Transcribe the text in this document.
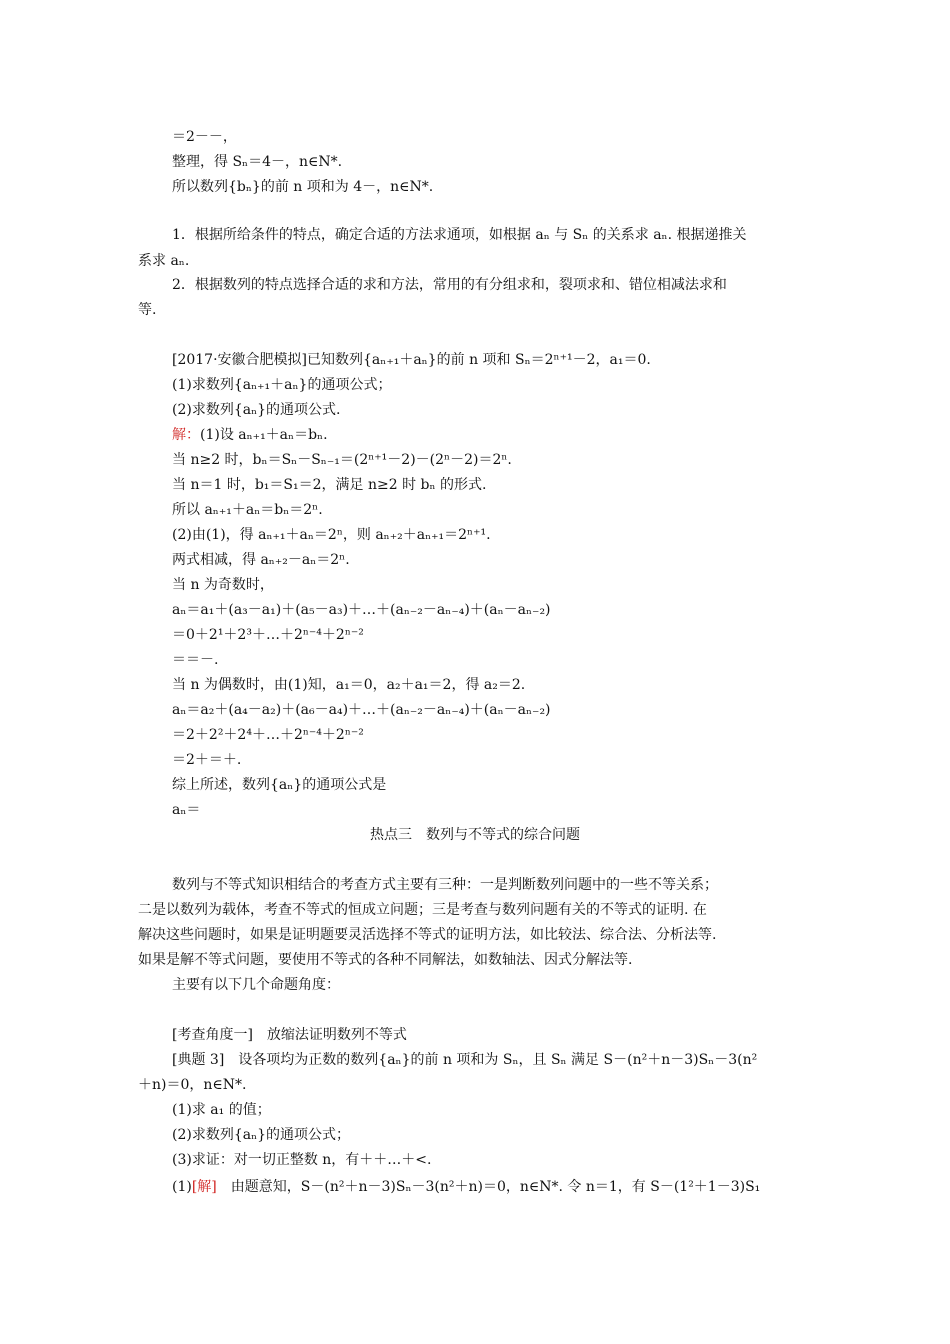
＝2－－，
整理，得 Sₙ＝4－，n∈N*.
所以数列{bₙ}的前 n 项和为 4－，n∈N*.
1．根据所给条件的特点，确定合适的方法求通项，如根据 aₙ 与 Sₙ 的关系求 aₙ. 根据递推关
系求 aₙ.
2．根据数列的特点选择合适的求和方法，常用的有分组求和，裂项求和、错位相减法求和
等.
[2017·安徽合肥模拟]已知数列{aₙ₊₁＋aₙ}的前 n 项和 Sₙ＝2ⁿ⁺¹－2，a₁＝0.
(1)求数列{aₙ₊₁＋aₙ}的通项公式；
(2)求数列{aₙ}的通项公式.
解：(1)设 aₙ₊₁＋aₙ＝bₙ.
当 n≥2 时，bₙ＝Sₙ－Sₙ₋₁＝(2ⁿ⁺¹－2)－(2ⁿ－2)＝2ⁿ.
当 n＝1 时，b₁＝S₁＝2，满足 n≥2 时 bₙ 的形式.
所以 aₙ₊₁＋aₙ＝bₙ＝2ⁿ.
(2)由(1)，得 aₙ₊₁＋aₙ＝2ⁿ，则 aₙ₊₂＋aₙ₊₁＝2ⁿ⁺¹.
两式相减，得 aₙ₊₂－aₙ＝2ⁿ.
当 n 为奇数时，
aₙ＝a₁＋(a₃－a₁)＋(a₅－a₃)＋…＋(aₙ₋₂－aₙ₋₄)＋(aₙ－aₙ₋₂)
＝0＋2¹＋2³＋…＋2ⁿ⁻⁴＋2ⁿ⁻²
＝＝－.
当 n 为偶数时，由(1)知，a₁＝0，a₂＋a₁＝2，得 a₂＝2.
aₙ＝a₂＋(a₄－a₂)＋(a₆－a₄)＋…＋(aₙ₋₂－aₙ₋₄)＋(aₙ－aₙ₋₂)
＝2＋2²＋2⁴＋…＋2ⁿ⁻⁴＋2ⁿ⁻²
＝2＋＝＋.
综上所述，数列{aₙ}的通项公式是
aₙ＝
热点三　数列与不等式的综合问题
数列与不等式知识相结合的考查方式主要有三种：一是判断数列问题中的一些不等关系；
二是以数列为载体，考查不等式的恒成立问题；三是考查与数列问题有关的不等式的证明. 在
解决这些问题时，如果是证明题要灵活选择不等式的证明方法，如比较法、综合法、分析法等.
如果是解不等式问题，要使用不等式的各种不同解法，如数轴法、因式分解法等.
主要有以下几个命题角度：
[考查角度一]　放缩法证明数列不等式
[典题 3]　设各项均为正数的数列{aₙ}的前 n 项和为 Sₙ，且 Sₙ 满足 S－(n²＋n－3)Sₙ－3(n²
＋n)＝0，n∈N*.
(1)求 a₁ 的值；
(2)求数列{aₙ}的通项公式；
(3)求证：对一切正整数 n，有＋＋…＋<.
(1)[解]　 由题意知，S－(n²＋n－3)Sₙ－3(n²＋n)＝0，n∈N*. 令 n＝1，有 S－(1²＋1－3)S₁
